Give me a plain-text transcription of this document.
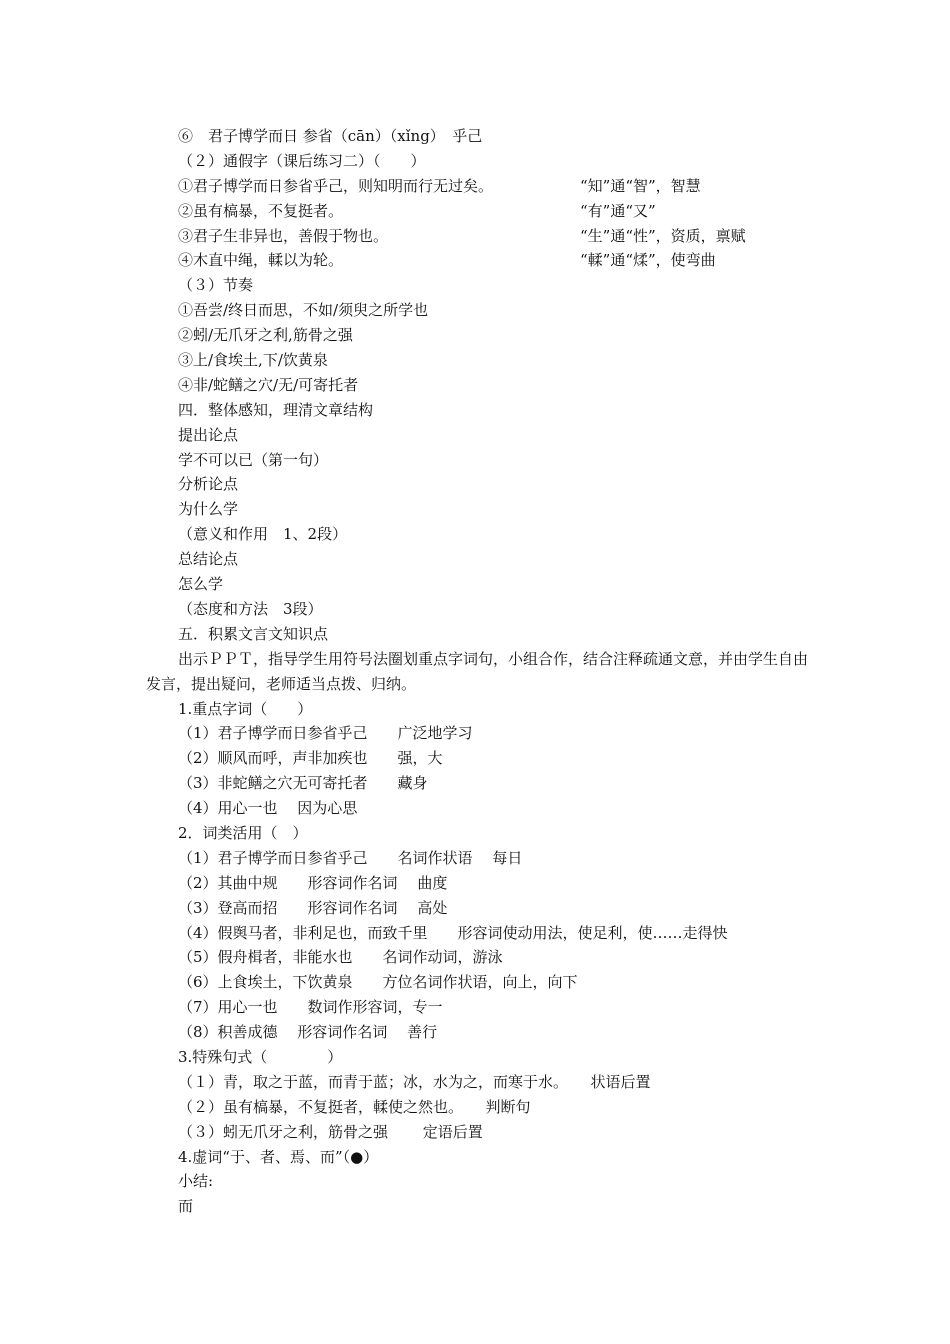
⑥　君子博学而日 参省（cān）（xǐng）　乎己
（２）通假字（课后练习二）（　　）
①君子博学而日参省乎己，则知明而行无过矣。	“知”通“智”，智慧
②虽有槁暴，不复挺者。	“有”通“又”
③君子生非异也，善假于物也。	“生”通“性”，资质，禀赋
④木直中绳，輮以为轮。	“輮”通“煣”，使弯曲
（３）节奏
①吾尝/终日而思，不如/须臾之所学也
②蚓/无爪牙之利,筋骨之强
③上/食埃土,下/饮黄泉
④非/蛇鳝之穴/无/可寄托者
四．整体感知，理清文章结构
提出论点
学不可以已（第一句）
分析论点
为什么学
（意义和作用　1、2段）
总结论点
怎么学
（态度和方法　3段）
五．积累文言文知识点
出示ＰＰＴ，指导学生用符号法圈划重点字词句，小组合作，结合注释疏通文意，并由学生自由发言，提出疑问，老师适当点拨、归纳。
1.重点字词（　　）
（1）君子博学而日参省乎己　　广泛地学习
（2）顺风而呼，声非加疾也　　强，大
（3）非蛇鳝之穴无可寄托者　　藏身
（4）用心一也　 因为心思
2．词类活用（　）
（1）君子博学而日参省乎己　　名词作状语　 每日
（2）其曲中规　　形容词作名词　 曲度
（3）登高而招　　形容词作名词　 高处
（4）假舆马者，非利足也，而致千里　　形容词使动用法，使足利，使……走得快
（5）假舟楫者，非能水也　　名词作动词，游泳
（6）上食埃土，下饮黄泉　　方位名词作状语，向上，向下
（7）用心一也　　数词作形容词，专一
（8）积善成德　 形容词作名词　 善行
3.特殊句式（　　　　）
（１）青，取之于蓝，而青于蓝；冰，水为之，而寒于水。　　状语后置
（２）虽有槁暴，不复挺者，輮使之然也。　　判断句
（３）蚓无爪牙之利，筋骨之强　　 定语后置
4.虚词“于、者、焉、而”（●）
小结:
而
